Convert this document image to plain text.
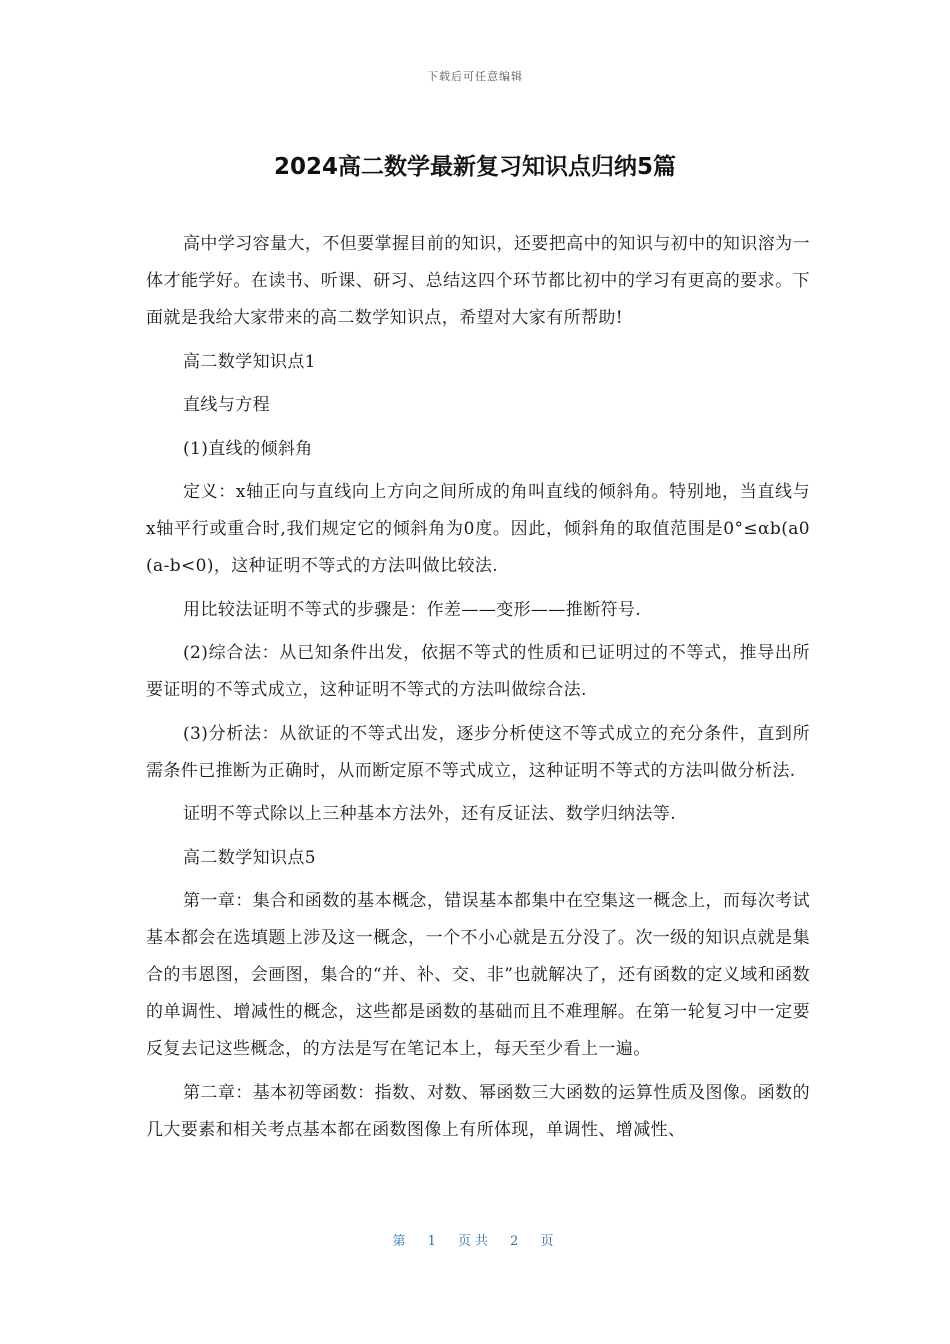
下载后可任意编辑
2024高二数学最新复习知识点归纳5篇

高中学习容量大，不但要掌握目前的知识，还要把高中的知识与初中的知识溶为一体才能学好。在读书、听课、研习、总结这四个环节都比初中的学习有更高的要求。下面就是我给大家带来的高二数学知识点，希望对大家有所帮助!

高二数学知识点1

直线与方程

(1)直线的倾斜角

定义：x轴正向与直线向上方向之间所成的角叫直线的倾斜角。特别地，当直线与x轴平行或重合时,我们规定它的倾斜角为0度。因此，倾斜角的取值范围是0°≤αb(a0(a-b<0)，这种证明不等式的方法叫做比较法.

用比较法证明不等式的步骤是：作差——变形——推断符号.

(2)综合法：从已知条件出发，依据不等式的性质和已证明过的不等式，推导出所要证明的不等式成立，这种证明不等式的方法叫做综合法.

(3)分析法：从欲证的不等式出发，逐步分析使这不等式成立的充分条件，直到所需条件已推断为正确时，从而断定原不等式成立，这种证明不等式的方法叫做分析法.

证明不等式除以上三种基本方法外，还有反证法、数学归纳法等.

高二数学知识点5

第一章：集合和函数的基本概念，错误基本都集中在空集这一概念上，而每次考试基本都会在选填题上涉及这一概念，一个不小心就是五分没了。次一级的知识点就是集合的韦恩图，会画图，集合的“并、补、交、非”也就解决了，还有函数的定义域和函数的单调性、增减性的概念，这些都是函数的基础而且不难理解。在第一轮复习中一定要反复去记这些概念，的方法是写在笔记本上，每天至少看上一遍。

第二章：基本初等函数：指数、对数、幂函数三大函数的运算性质及图像。函数的几大要素和相关考点基本都在函数图像上有所体现，单调性、增减性、

第 1 页共 2 页
